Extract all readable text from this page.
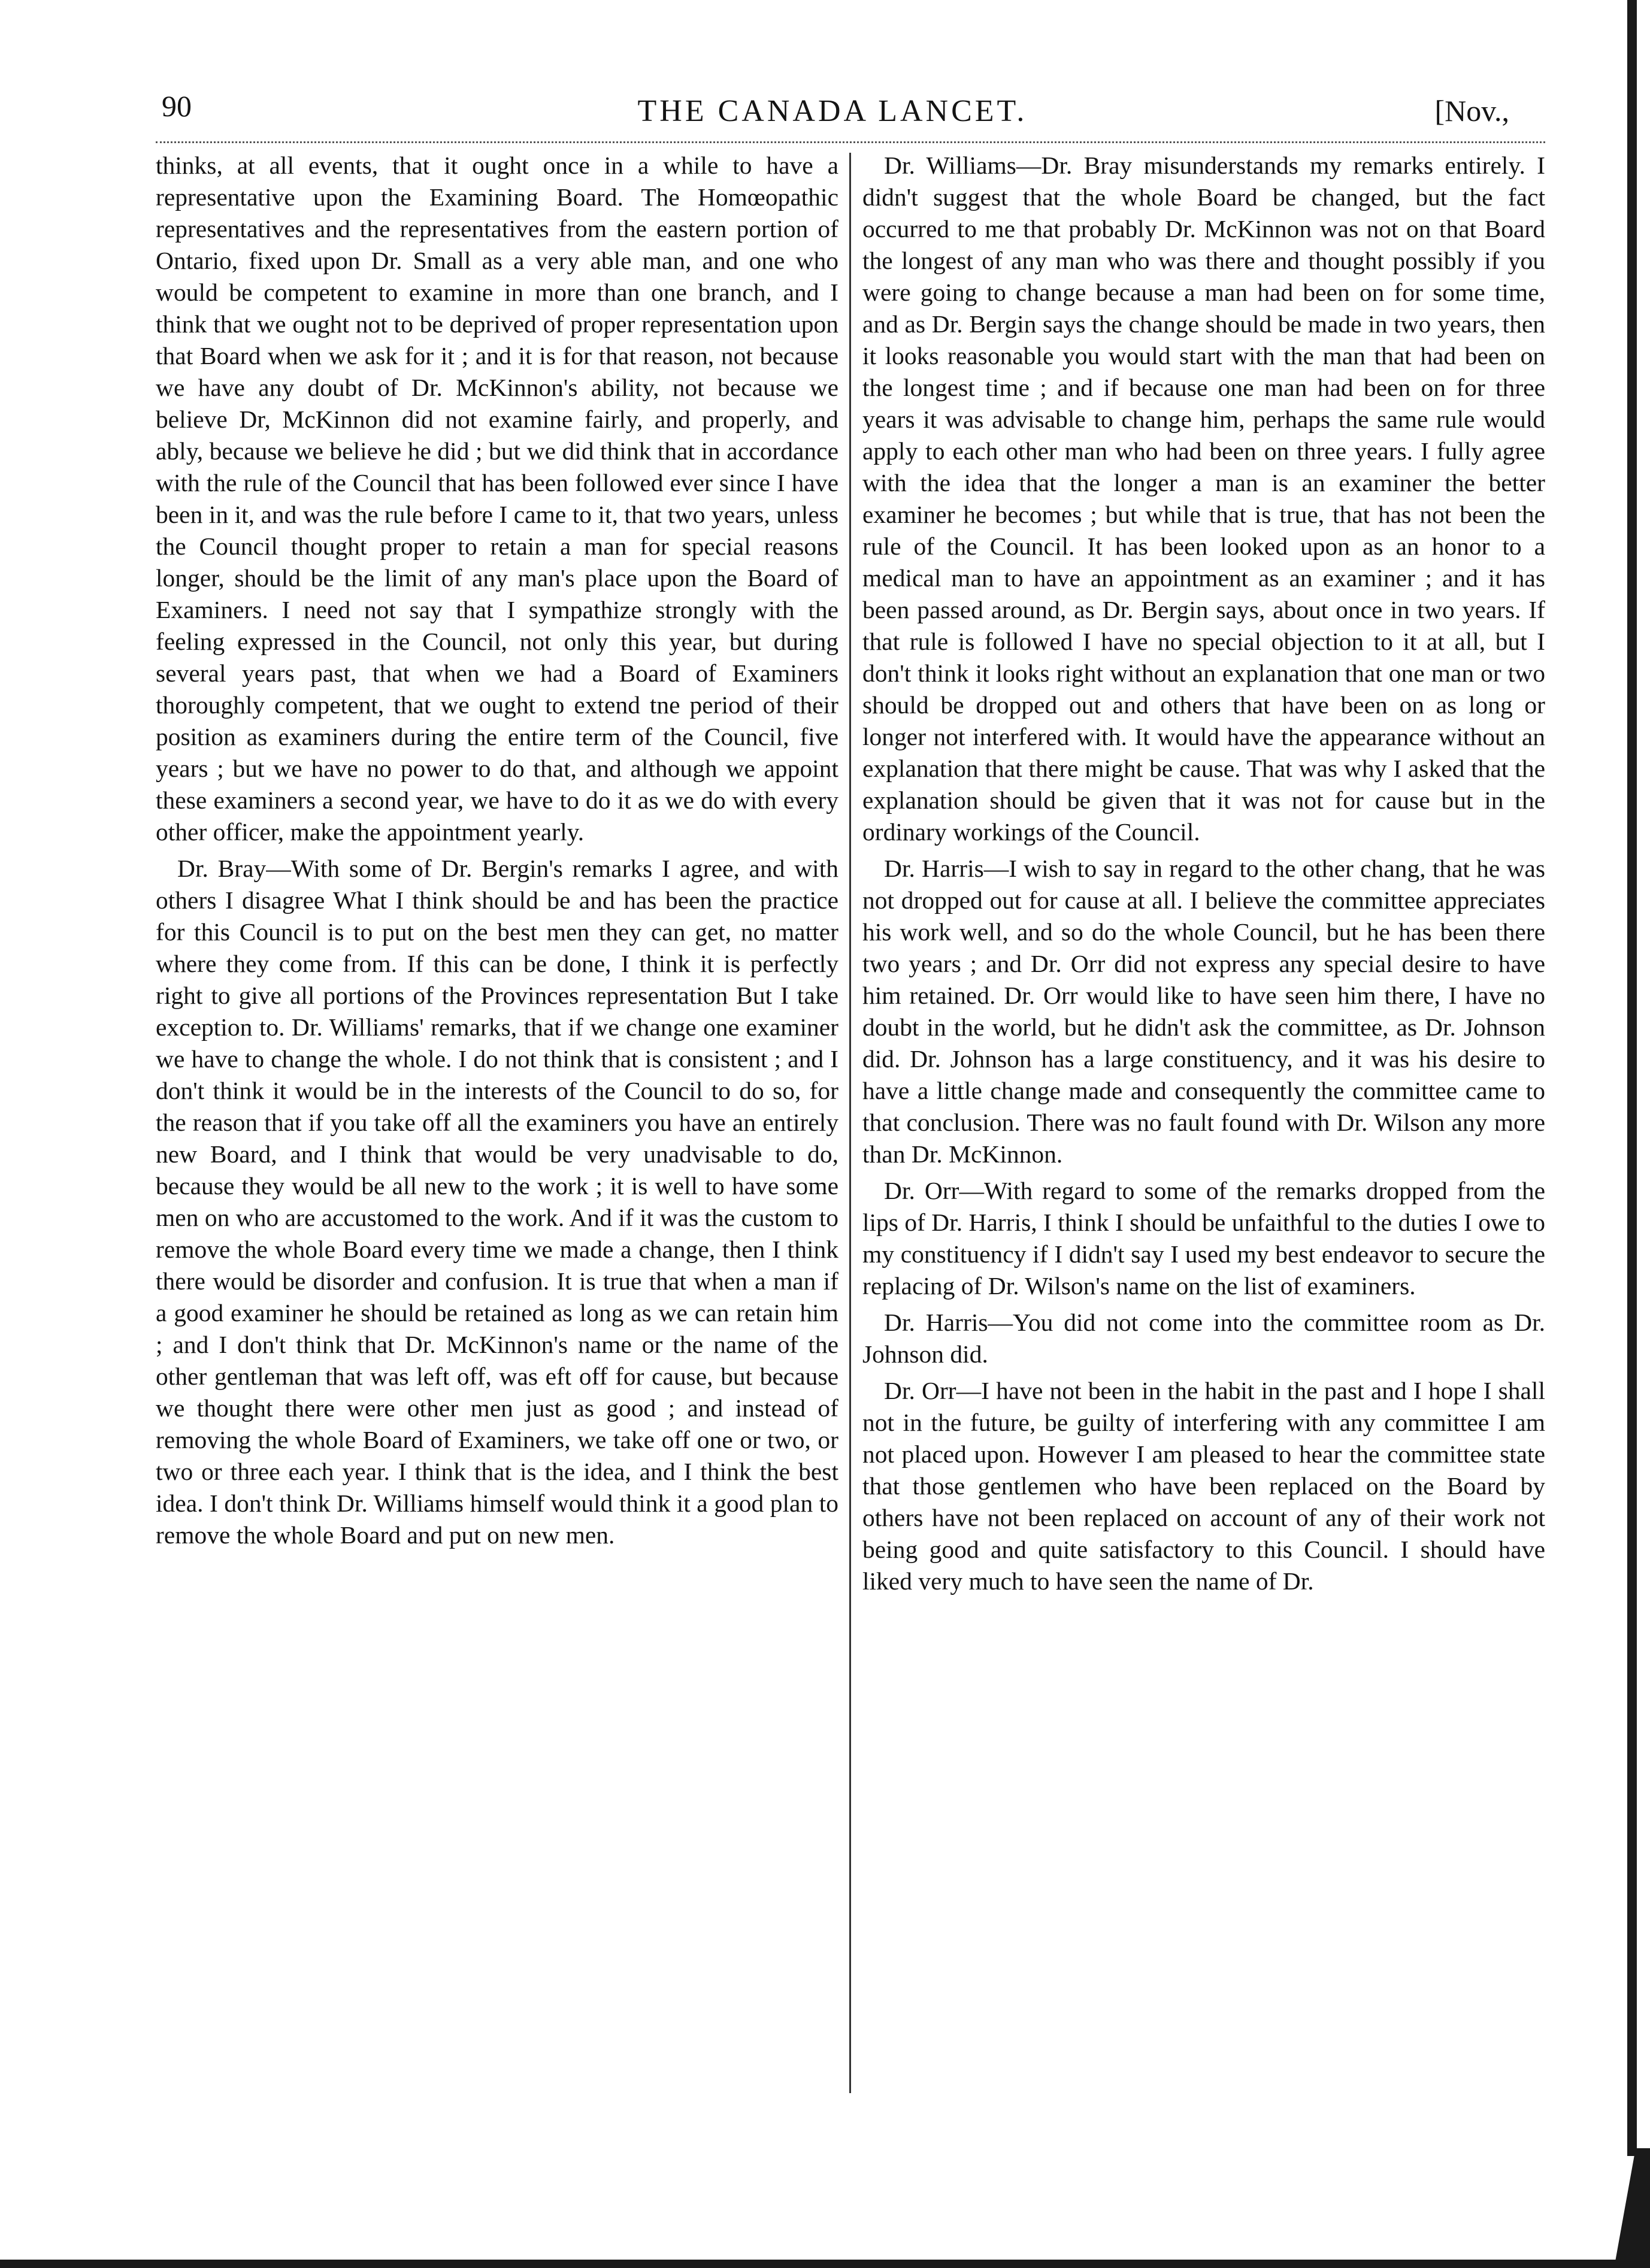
90	THE CANADA LANCET.	[Nov.,

thinks, at all events, that it ought once in a while to have a representative upon the Examining Board. The Homœopathic representatives and the representatives from the eastern portion of Ontario, fixed upon Dr. Small as a very able man, and one who would be competent to examine in more than one branch, and I think that we ought not to be deprived of proper representation upon that Board when we ask for it ; and it is for that reason, not because we have any doubt of Dr. McKinnon's ability, not because we believe Dr, McKinnon did not examine fairly, and properly, and ably, because we believe he did ; but we did think that in accordance with the rule of the Council that has been followed ever since I have been in it, and was the rule before I came to it, that two years, unless the Council thought proper to retain a man for special reasons longer, should be the limit of any man's place upon the Board of Examiners. I need not say that I sympathize strongly with the feeling expressed in the Council, not only this year, but during several years past, that when we had a Board of Examiners thoroughly competent, that we ought to extend tne period of their position as examiners during the entire term of the Council, five years ; but we have no power to do that, and although we appoint these examiners a second year, we have to do it as we do with every other officer, make the appointment yearly.

Dr. Bray—With some of Dr. Bergin's remarks I agree, and with others I disagree What I think should be and has been the practice for this Council is to put on the best men they can get, no matter where they come from. If this can be done, I think it is perfectly right to give all portions of the Provinces representation But I take exception to. Dr. Williams' remarks, that if we change one examiner we have to change the whole. I do not think that is consistent ; and I don't think it would be in the interests of the Council to do so, for the reason that if you take off all the examiners you have an entirely new Board, and I think that would be very unadvisable to do, because they would be all new to the work ; it is well to have some men on who are accustomed to the work. And if it was the custom to remove the whole Board every time we made a change, then I think there would be disorder and confusion. It is true that when a man if a good examiner he should be retained as long as we can retain him ; and I don't think that Dr. McKinnon's name or the name of the other gentleman that was left off, was eft off for cause, but because we thought there were other men just as good ; and instead of removing the whole Board of Examiners, we take off one or two, or two or three each year. I think that is the idea, and I think the best idea. I don't think Dr. Williams himself would think it a good plan to remove the whole Board and put on new men.

Dr. Williams—Dr. Bray misunderstands my remarks entirely. I didn't suggest that the whole Board be changed, but the fact occurred to me that probably Dr. McKinnon was not on that Board the longest of any man who was there and thought possibly if you were going to change because a man had been on for some time, and as Dr. Bergin says the change should be made in two years, then it looks reasonable you would start with the man that had been on the longest time ; and if because one man had been on for three years it was advisable to change him, perhaps the same rule would apply to each other man who had been on three years. I fully agree with the idea that the longer a man is an examiner the better examiner he becomes ; but while that is true, that has not been the rule of the Council. It has been looked upon as an honor to a medical man to have an appointment as an examiner ; and it has been passed around, as Dr. Bergin says, about once in two years. If that rule is followed I have no special objection to it at all, but I don't think it looks right without an explanation that one man or two should be dropped out and others that have been on as long or longer not interfered with. It would have the appearance without an explanation that there might be cause. That was why I asked that the explanation should be given that it was not for cause but in the ordinary workings of the Council.

Dr. Harris—I wish to say in regard to the other chang, that he was not dropped out for cause at all. I believe the committee appreciates his work well, and so do the whole Council, but he has been there two years ; and Dr. Orr did not express any special desire to have him retained. Dr. Orr would like to have seen him there, I have no doubt in the world, but he didn't ask the committee, as Dr. Johnson did. Dr. Johnson has a large constituency, and it was his desire to have a little change made and consequently the committee came to that conclusion. There was no fault found with Dr. Wilson any more than Dr. McKinnon.

Dr. Orr—With regard to some of the remarks dropped from the lips of Dr. Harris, I think I should be unfaithful to the duties I owe to my constituency if I didn't say I used my best endeavor to secure the replacing of Dr. Wilson's name on the list of examiners.

Dr. Harris—You did not come into the committee room as Dr. Johnson did.

Dr. Orr—I have not been in the habit in the past and I hope I shall not in the future, be guilty of interfering with any committee I am not placed upon. However I am pleased to hear the committee state that those gentlemen who have been replaced on the Board by others have not been replaced on account of any of their work not being good and quite satisfactory to this Council. I should have liked very much to have seen the name of Dr.
